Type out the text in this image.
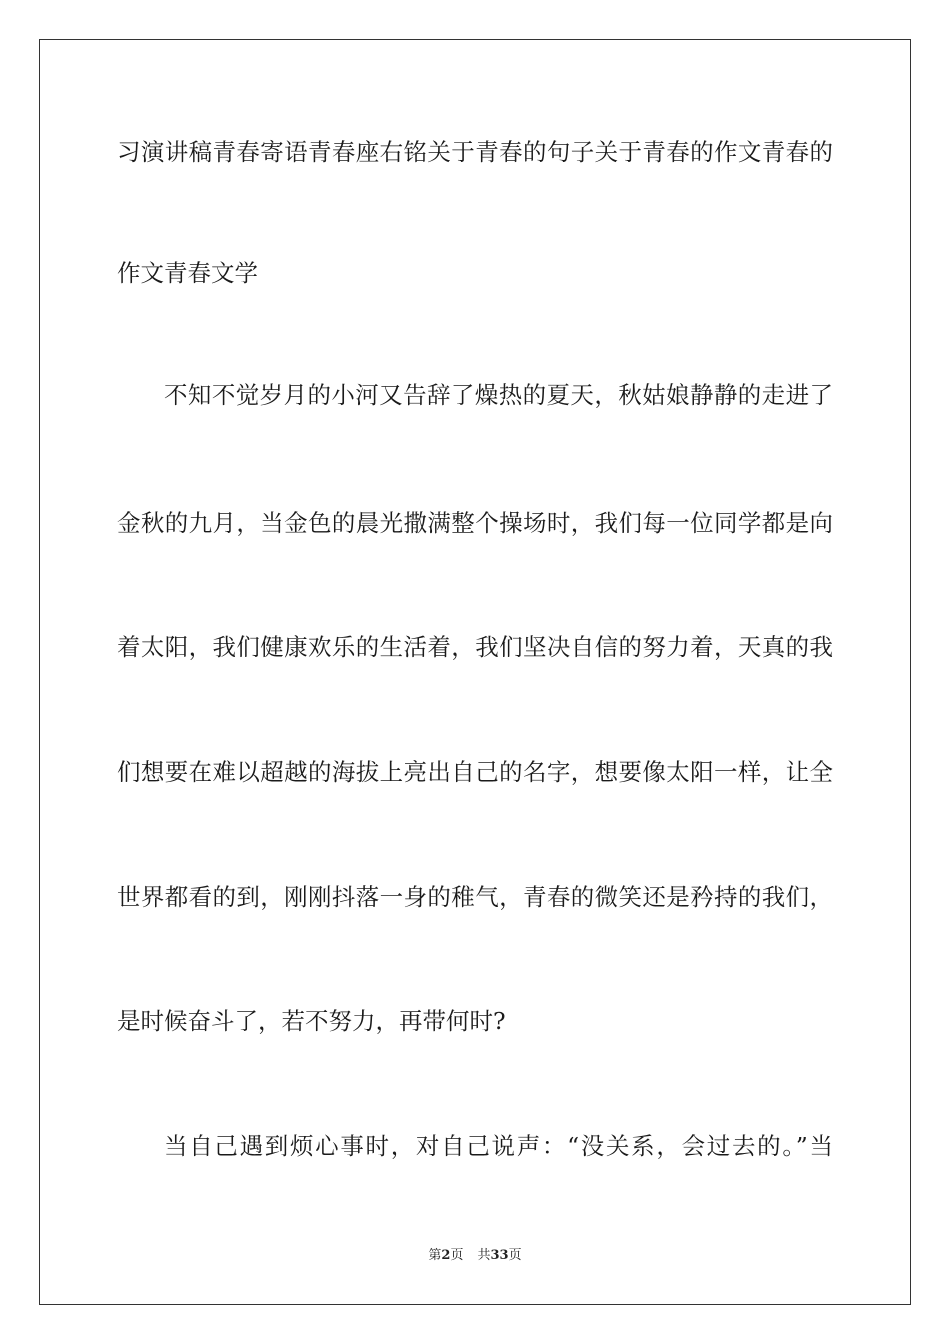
习演讲稿青春寄语青春座右铭关于青春的句子关于青春的作文青春的
作文青春文学
不知不觉岁月的小河又告辞了燥热的夏天，秋姑娘静静的走进了
金秋的九月，当金色的晨光撒满整个操场时，我们每一位同学都是向
着太阳，我们健康欢乐的生活着，我们坚决自信的努力着，天真的我
们想要在难以超越的海拔上亮出自己的名字，想要像太阳一样，让全
世界都看的到，刚刚抖落一身的稚气，青春的微笑还是矜持的我们，
是时候奋斗了，若不努力，再带何时?
当自己遇到烦心事时，对自己说声：“没关系，会过去的。”当
第2页 共33页
